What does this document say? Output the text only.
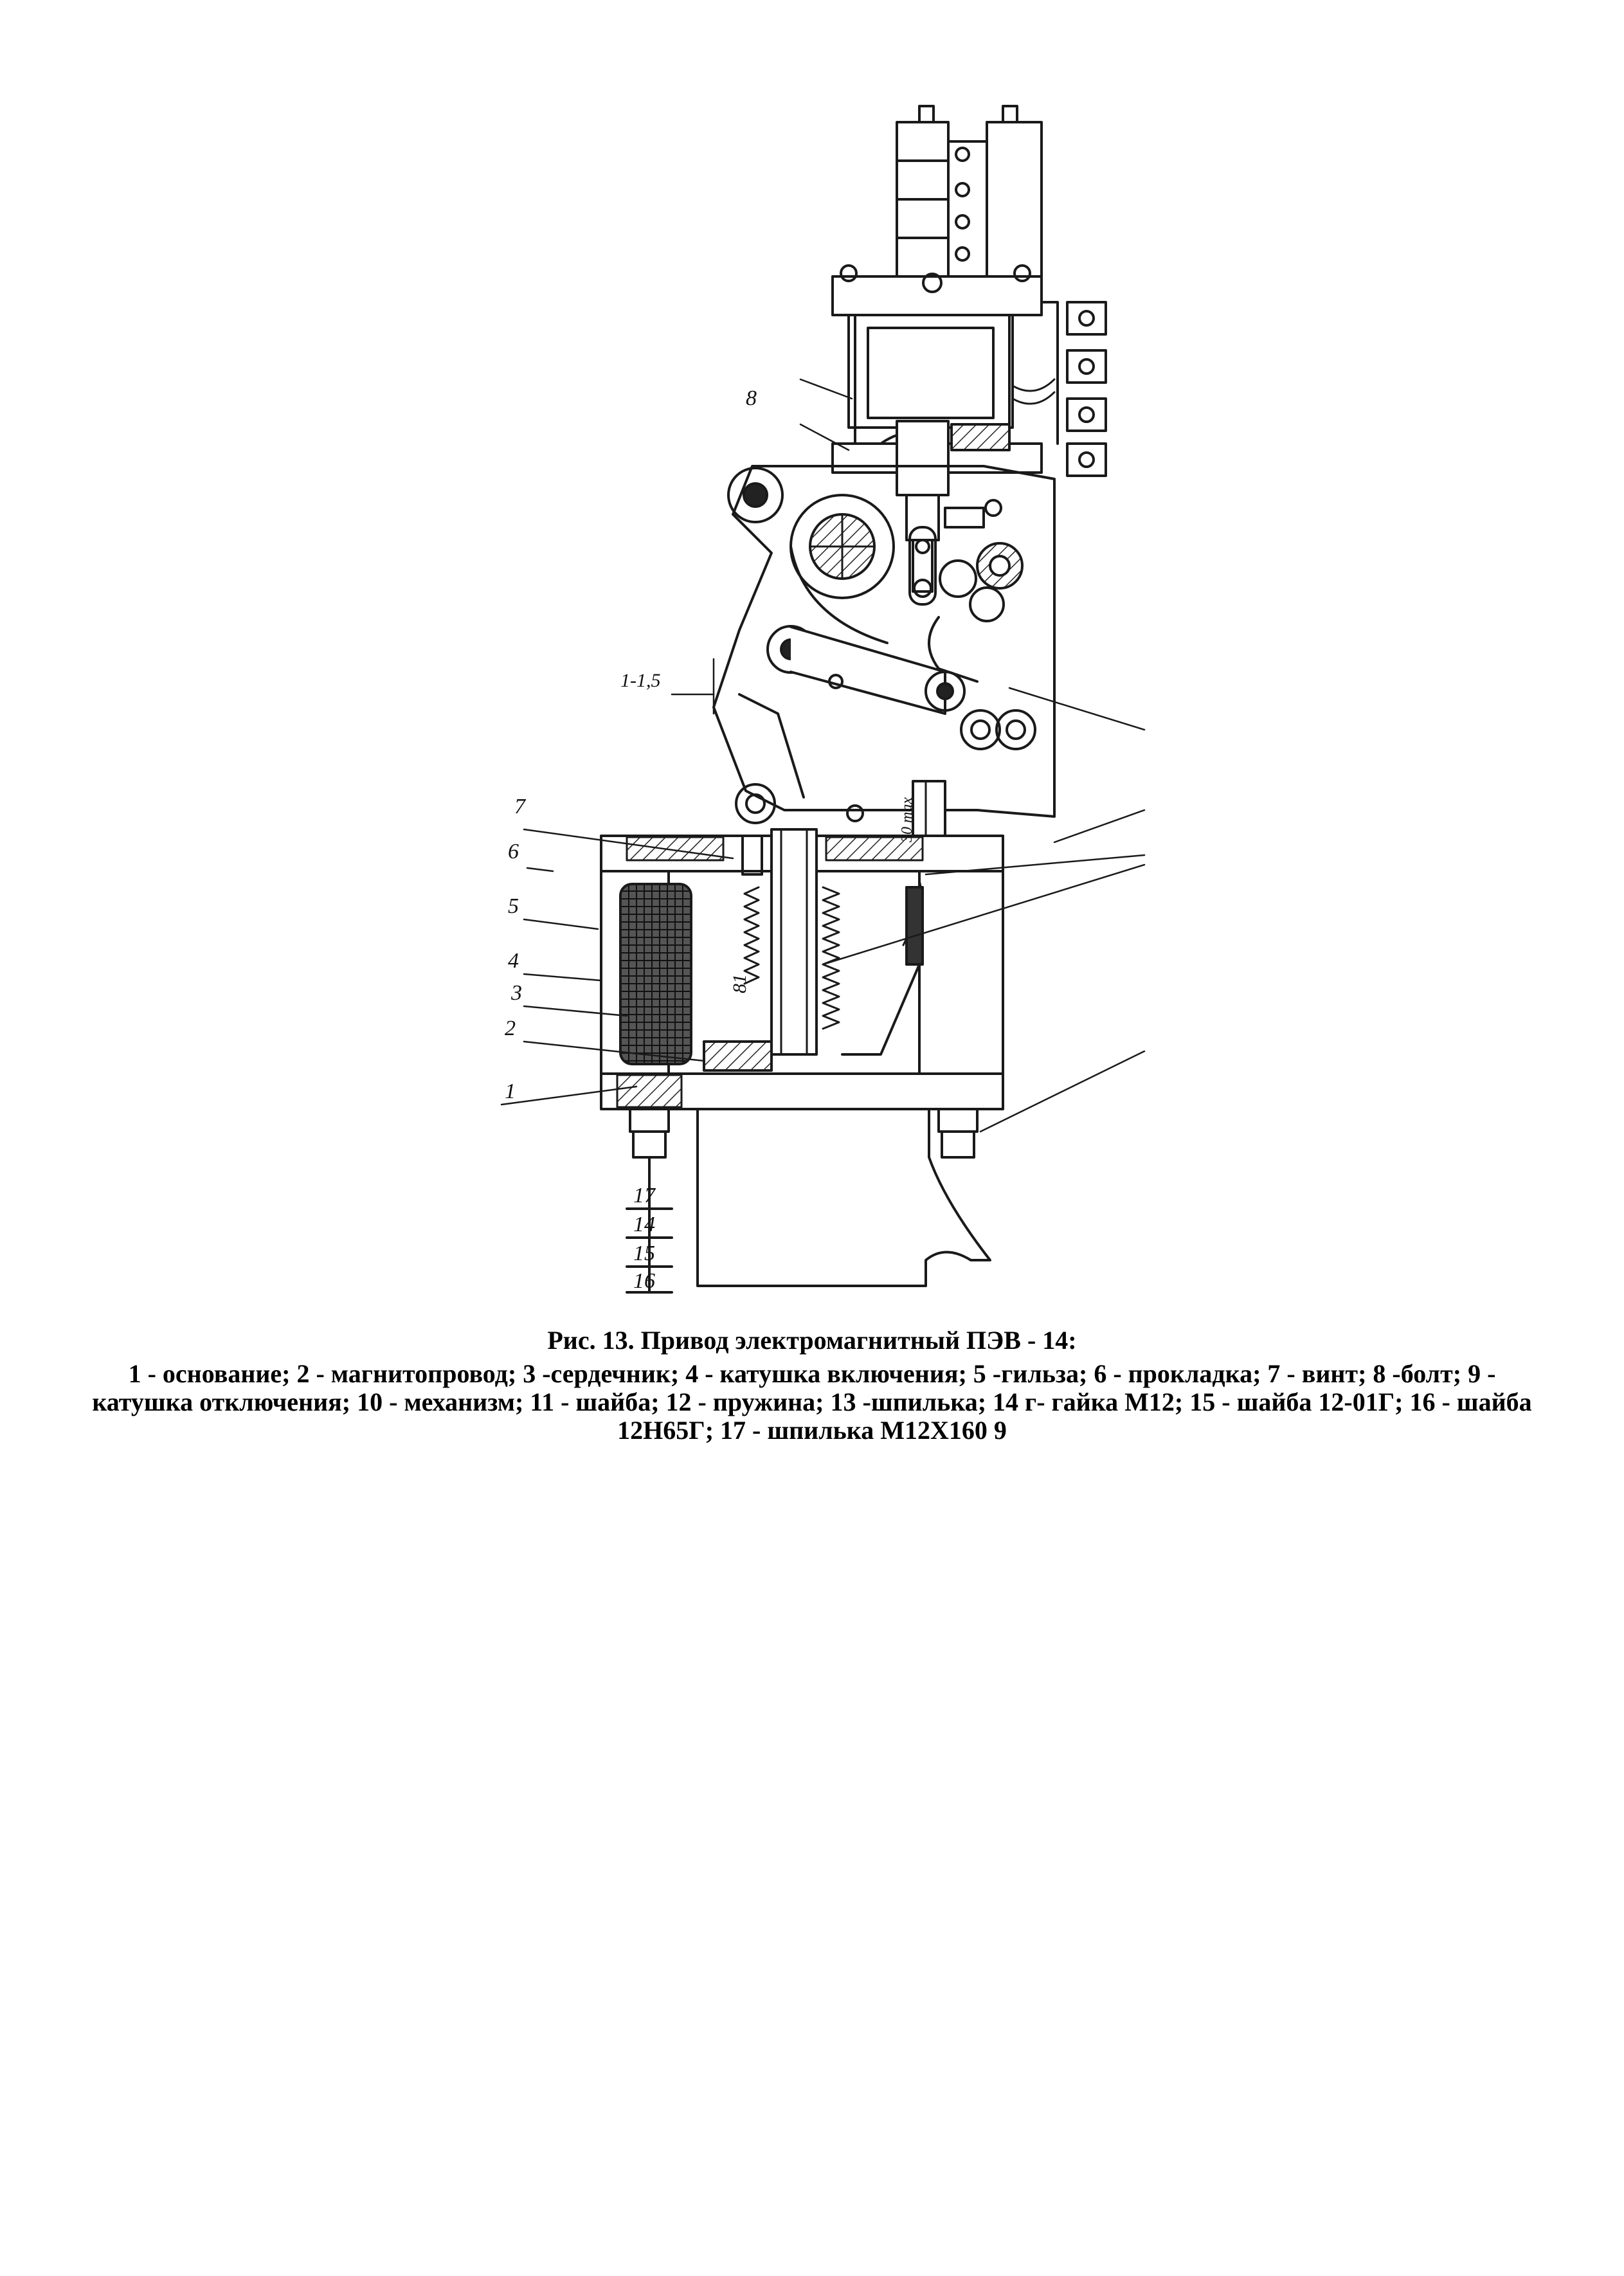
8
7
6
5
4
3
2
1
1-1,5
81
30 max
17
14
15
16
Рис. 13. Привод электромагнитный ПЭВ - 14:
1 - основание; 2 - магнитопровод; 3 -сердечник; 4 - катушка включения; 5 -гильза; 6 - прокладка; 7 - винт; 8 -болт; 9 - катушка отключения; 10 - механизм; 11 - шайба; 12 - пружина; 13 -шпилька; 14 г- гайка М12; 15 - шайба 12-01Г; 16 - шайба 12Н65Г; 17 - шпилька М12Х160 9
